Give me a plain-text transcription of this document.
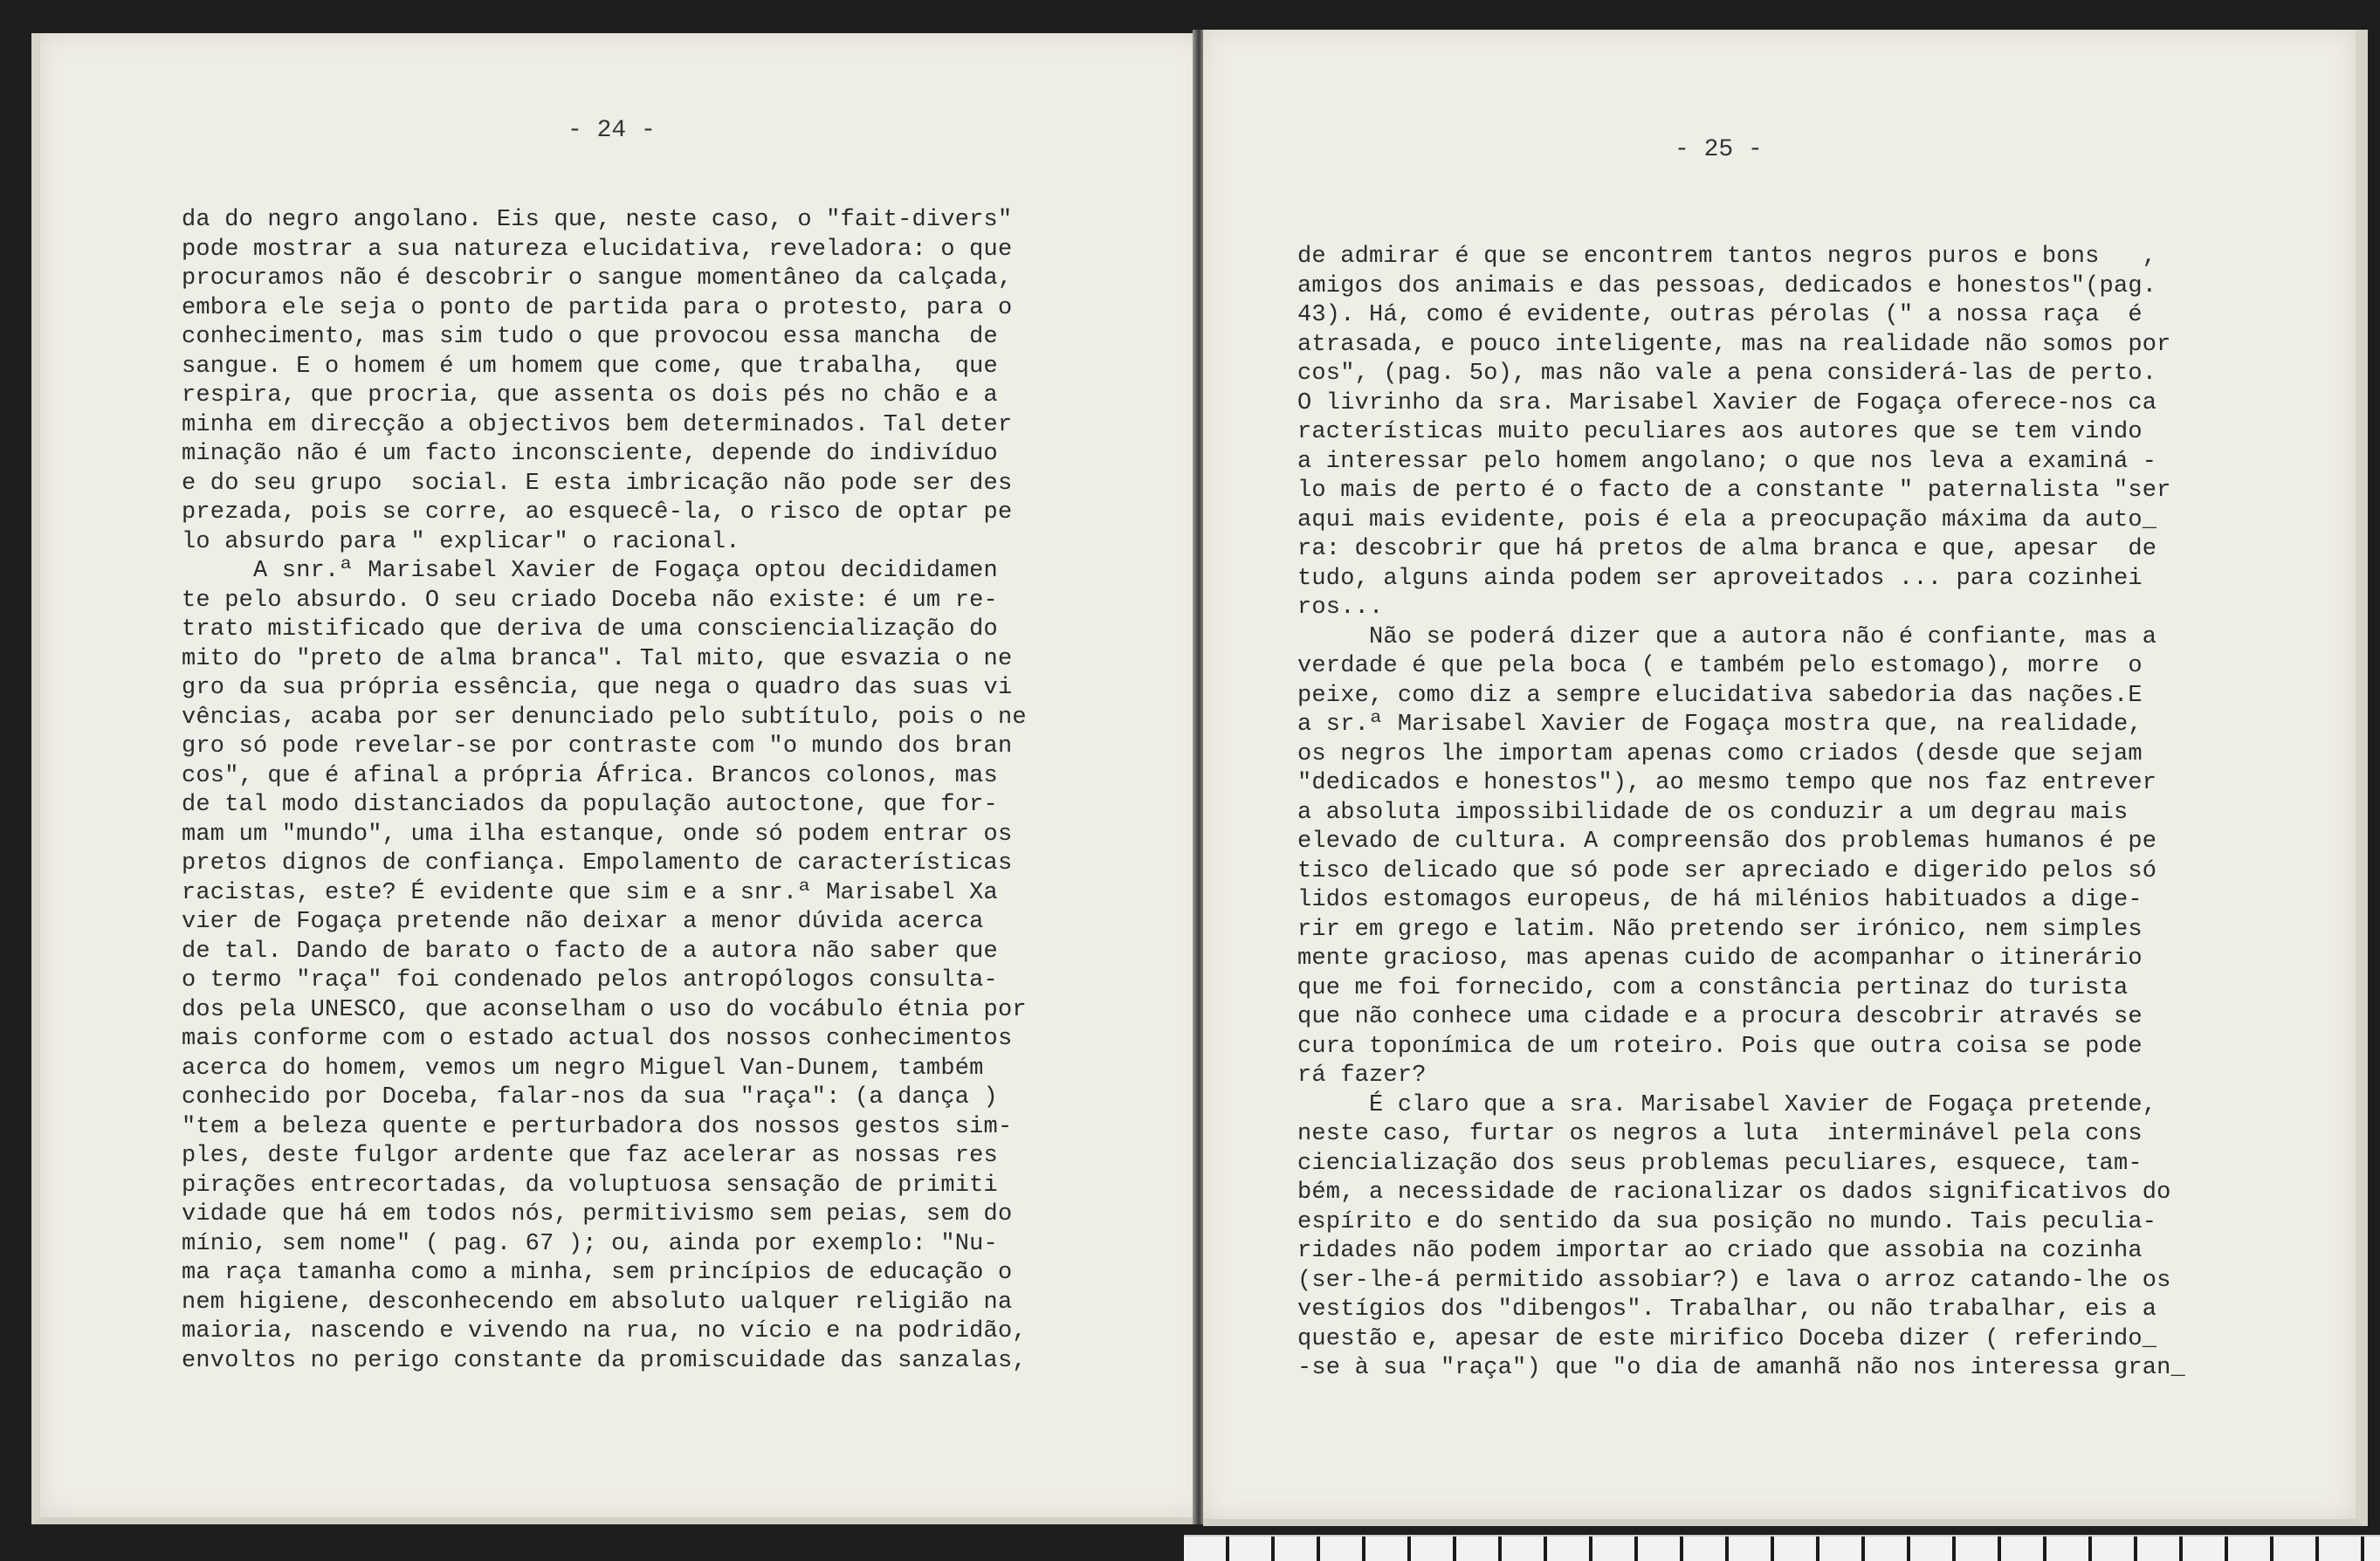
- 24 -
- 25 -
da do negro angolano. Eis que, neste caso, o "fait-divers"
pode mostrar a sua natureza elucidativa, reveladora: o que
procuramos não é descobrir o sangue momentâneo da calçada,
embora ele seja o ponto de partida para o protesto, para o
conhecimento, mas sim tudo o que provocou essa mancha  de
sangue. E o homem é um homem que come, que trabalha,  que
respira, que procria, que assenta os dois pés no chão e a
minha em direcção a objectivos bem determinados. Tal deter
minação não é um facto inconsciente, depende do indivíduo
e do seu grupo  social. E esta imbricação não pode ser des
prezada, pois se corre, ao esquecê-la, o risco de optar pe
lo absurdo para " explicar" o racional.
A snr.ª Marisabel Xavier de Fogaça optou decididamen
te pelo absurdo. O seu criado Doceba não existe: é um re-
trato mistificado que deriva de uma consciencialização do
mito do "preto de alma branca". Tal mito, que esvazia o ne
gro da sua própria essência, que nega o quadro das suas vi
vências, acaba por ser denunciado pelo subtítulo, pois o ne
gro só pode revelar-se por contraste com "o mundo dos bran
cos", que é afinal a própria África. Brancos colonos, mas
de tal modo distanciados da população autoctone, que for-
mam um "mundo", uma ilha estanque, onde só podem entrar os
pretos dignos de confiança. Empolamento de características
racistas, este? É evidente que sim e a snr.ª Marisabel Xa
vier de Fogaça pretende não deixar a menor dúvida acerca
de tal. Dando de barato o facto de a autora não saber que
o termo "raça" foi condenado pelos antropólogos consulta-
dos pela UNESCO, que aconselham o uso do vocábulo étnia por
mais conforme com o estado actual dos nossos conhecimentos
acerca do homem, vemos um negro Miguel Van-Dunem, também
conhecido por Doceba, falar-nos da sua "raça": (a dança )
"tem a beleza quente e perturbadora dos nossos gestos sim-
ples, deste fulgor ardente que faz acelerar as nossas res
pirações entrecortadas, da voluptuosa sensação de primiti
vidade que há em todos nós, permitivismo sem peias, sem do
mínio, sem nome" ( pag. 67 ); ou, ainda por exemplo: "Nu-
ma raça tamanha como a minha, sem princípios de educação o
nem higiene, desconhecendo em absoluto ualquer religião na
maioria, nascendo e vivendo na rua, no vício e na podridão,
envoltos no perigo constante da promiscuidade das sanzalas,
de admirar é que se encontrem tantos negros puros e bons   ,
amigos dos animais e das pessoas, dedicados e honestos"(pag.
43). Há, como é evidente, outras pérolas (" a nossa raça  é
atrasada, e pouco inteligente, mas na realidade não somos por
cos", (pag. 5o), mas não vale a pena considerá-las de perto.
O livrinho da sra. Marisabel Xavier de Fogaça oferece-nos ca
racterísticas muito peculiares aos autores que se tem vindo
a interessar pelo homem angolano; o que nos leva a examiná -
lo mais de perto é o facto de a constante " paternalista "ser
aqui mais evidente, pois é ela a preocupação máxima da auto_
ra: descobrir que há pretos de alma branca e que, apesar  de
tudo, alguns ainda podem ser aproveitados ... para cozinhei
ros...
Não se poderá dizer que a autora não é confiante, mas a
verdade é que pela boca ( e também pelo estomago), morre  o
peixe, como diz a sempre elucidativa sabedoria das nações.E
a sr.ª Marisabel Xavier de Fogaça mostra que, na realidade,
os negros lhe importam apenas como criados (desde que sejam
"dedicados e honestos"), ao mesmo tempo que nos faz entrever
a absoluta impossibilidade de os conduzir a um degrau mais
elevado de cultura. A compreensão dos problemas humanos é pe
tisco delicado que só pode ser apreciado e digerido pelos só
lidos estomagos europeus, de há milénios habituados a dige-
rir em grego e latim. Não pretendo ser irónico, nem simples
mente gracioso, mas apenas cuido de acompanhar o itinerário
que me foi fornecido, com a constância pertinaz do turista
que não conhece uma cidade e a procura descobrir através se
cura toponímica de um roteiro. Pois que outra coisa se pode
rá fazer?
É claro que a sra. Marisabel Xavier de Fogaça pretende,
neste caso, furtar os negros a luta  interminável pela cons
ciencialização dos seus problemas peculiares, esquece, tam-
bém, a necessidade de racionalizar os dados significativos do
espírito e do sentido da sua posição no mundo. Tais peculia-
ridades não podem importar ao criado que assobia na cozinha
(ser-lhe-á permitido assobiar?) e lava o arroz catando-lhe os
vestígios dos "dibengos". Trabalhar, ou não trabalhar, eis a
questão e, apesar de este mirifico Doceba dizer ( referindo_
-se à sua "raça") que "o dia de amanhã não nos interessa gran_
